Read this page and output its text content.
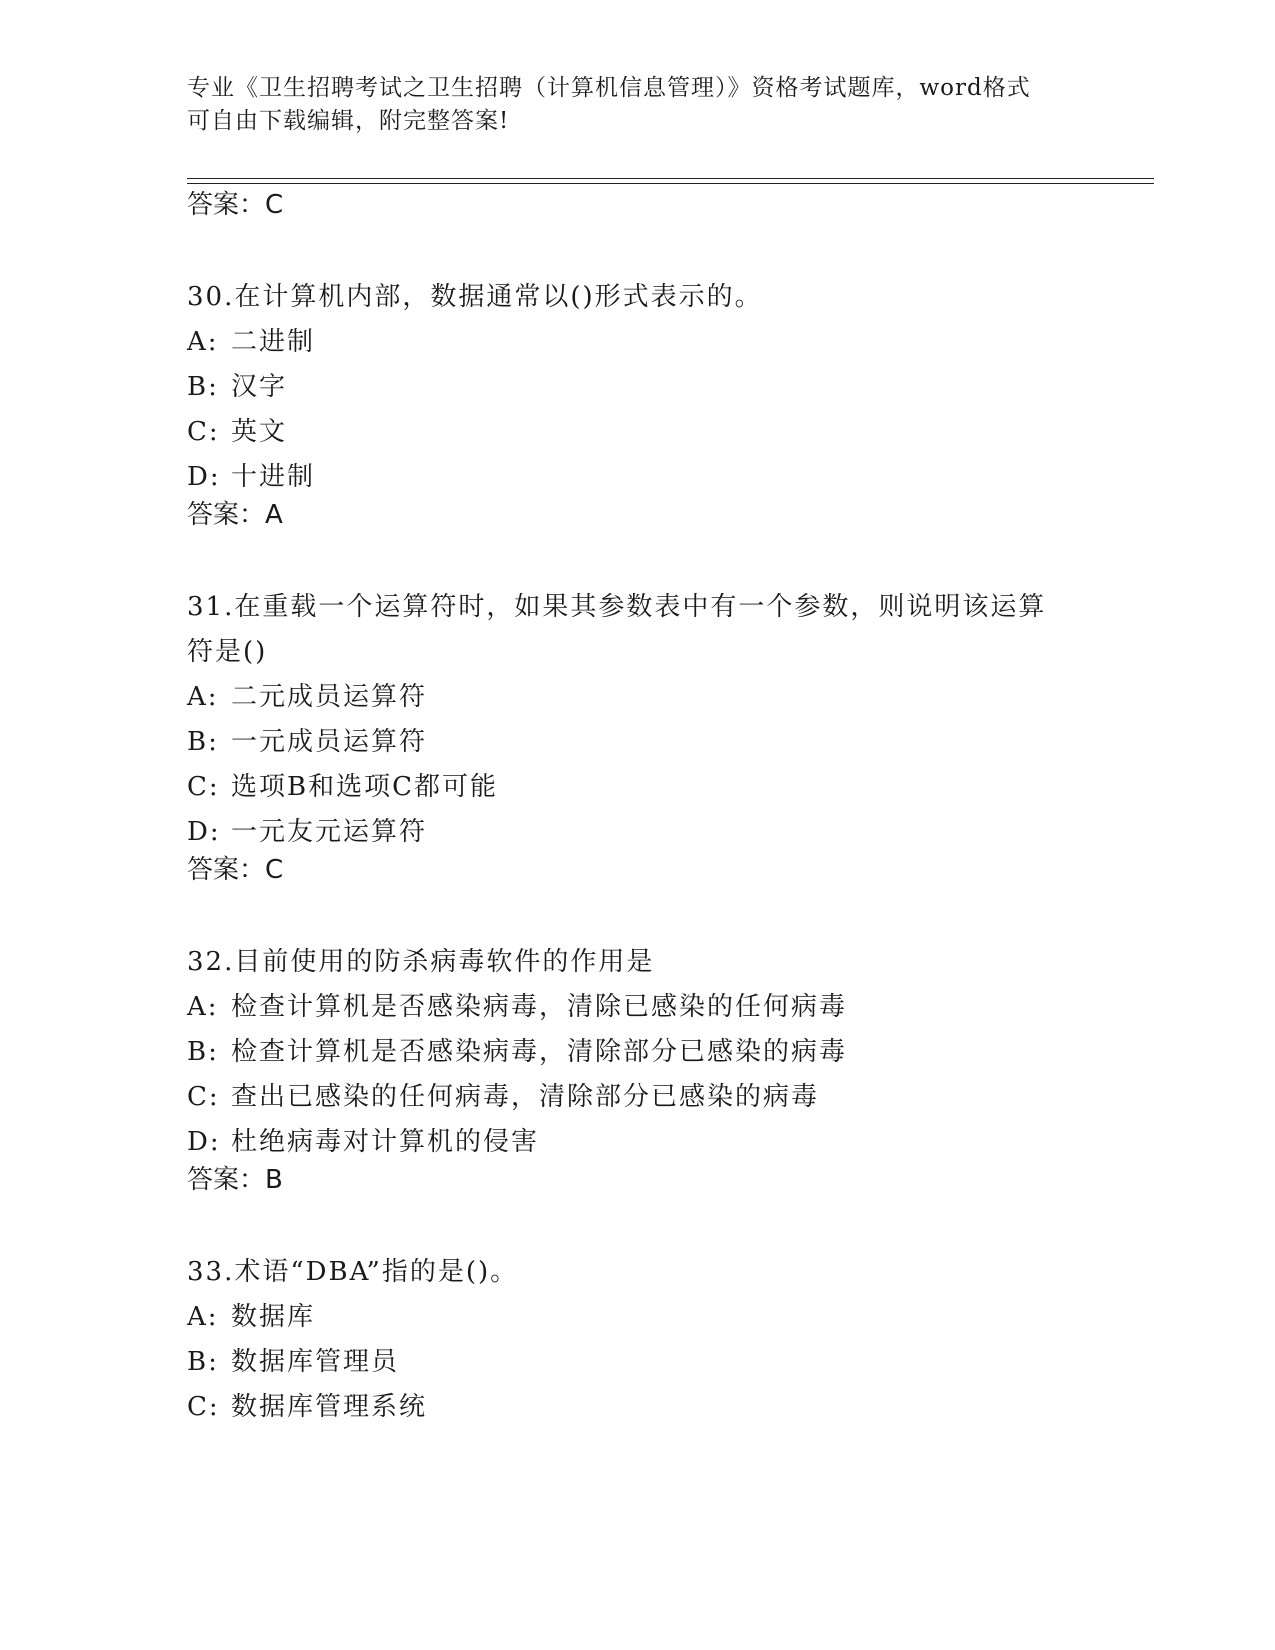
专业《卫生招聘考试之卫生招聘（计算机信息管理）》资格考试题库，word格式
可自由下载编辑，附完整答案!
答案：C
30.在计算机内部，数据通常以()形式表示的。
A: 二进制
B: 汉字
C: 英文
D: 十进制
答案：A
31.在重载一个运算符时，如果其参数表中有一个参数，则说明该运算
符是()
A: 二元成员运算符
B: 一元成员运算符
C: 选项B和选项C都可能
D: 一元友元运算符
答案：C
32.目前使用的防杀病毒软件的作用是
A: 检查计算机是否感染病毒，清除已感染的任何病毒
B: 检查计算机是否感染病毒，清除部分已感染的病毒
C: 查出已感染的任何病毒，清除部分已感染的病毒
D: 杜绝病毒对计算机的侵害
答案：B
33.术语“DBA”指的是()。
A: 数据库
B: 数据库管理员
C: 数据库管理系统
